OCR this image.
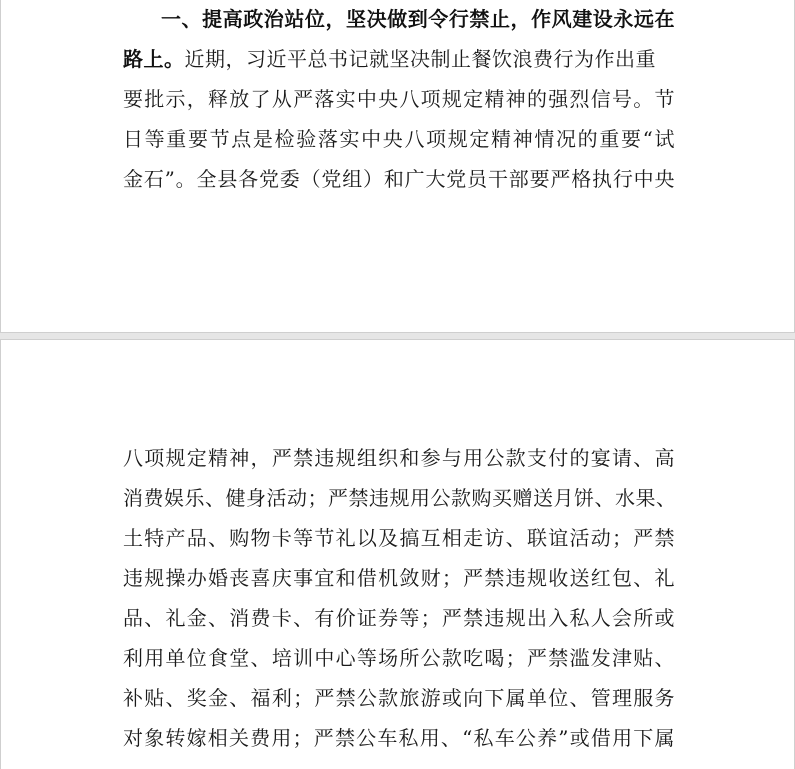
一、提高政治站位，坚决做到令行禁止，作风建设永远在
路上。近期，习近平总书记就坚决制止餐饮浪费行为作出重
要批示，释放了从严落实中央八项规定精神的强烈信号。节
日等重要节点是检验落实中央八项规定精神情况的重要“试
金石”。全县各党委（党组）和广大党员干部要严格执行中央
八项规定精神，严禁违规组织和参与用公款支付的宴请、高
消费娱乐、健身活动；严禁违规用公款购买赠送月饼、水果、
土特产品、购物卡等节礼以及搞互相走访、联谊活动；严禁
违规操办婚丧喜庆事宜和借机敛财；严禁违规收送红包、礼
品、礼金、消费卡、有价证券等；严禁违规出入私人会所或
利用单位食堂、培训中心等场所公款吃喝；严禁滥发津贴、
补贴、奖金、福利；严禁公款旅游或向下属单位、管理服务
对象转嫁相关费用；严禁公车私用、“私车公养”或借用下属
